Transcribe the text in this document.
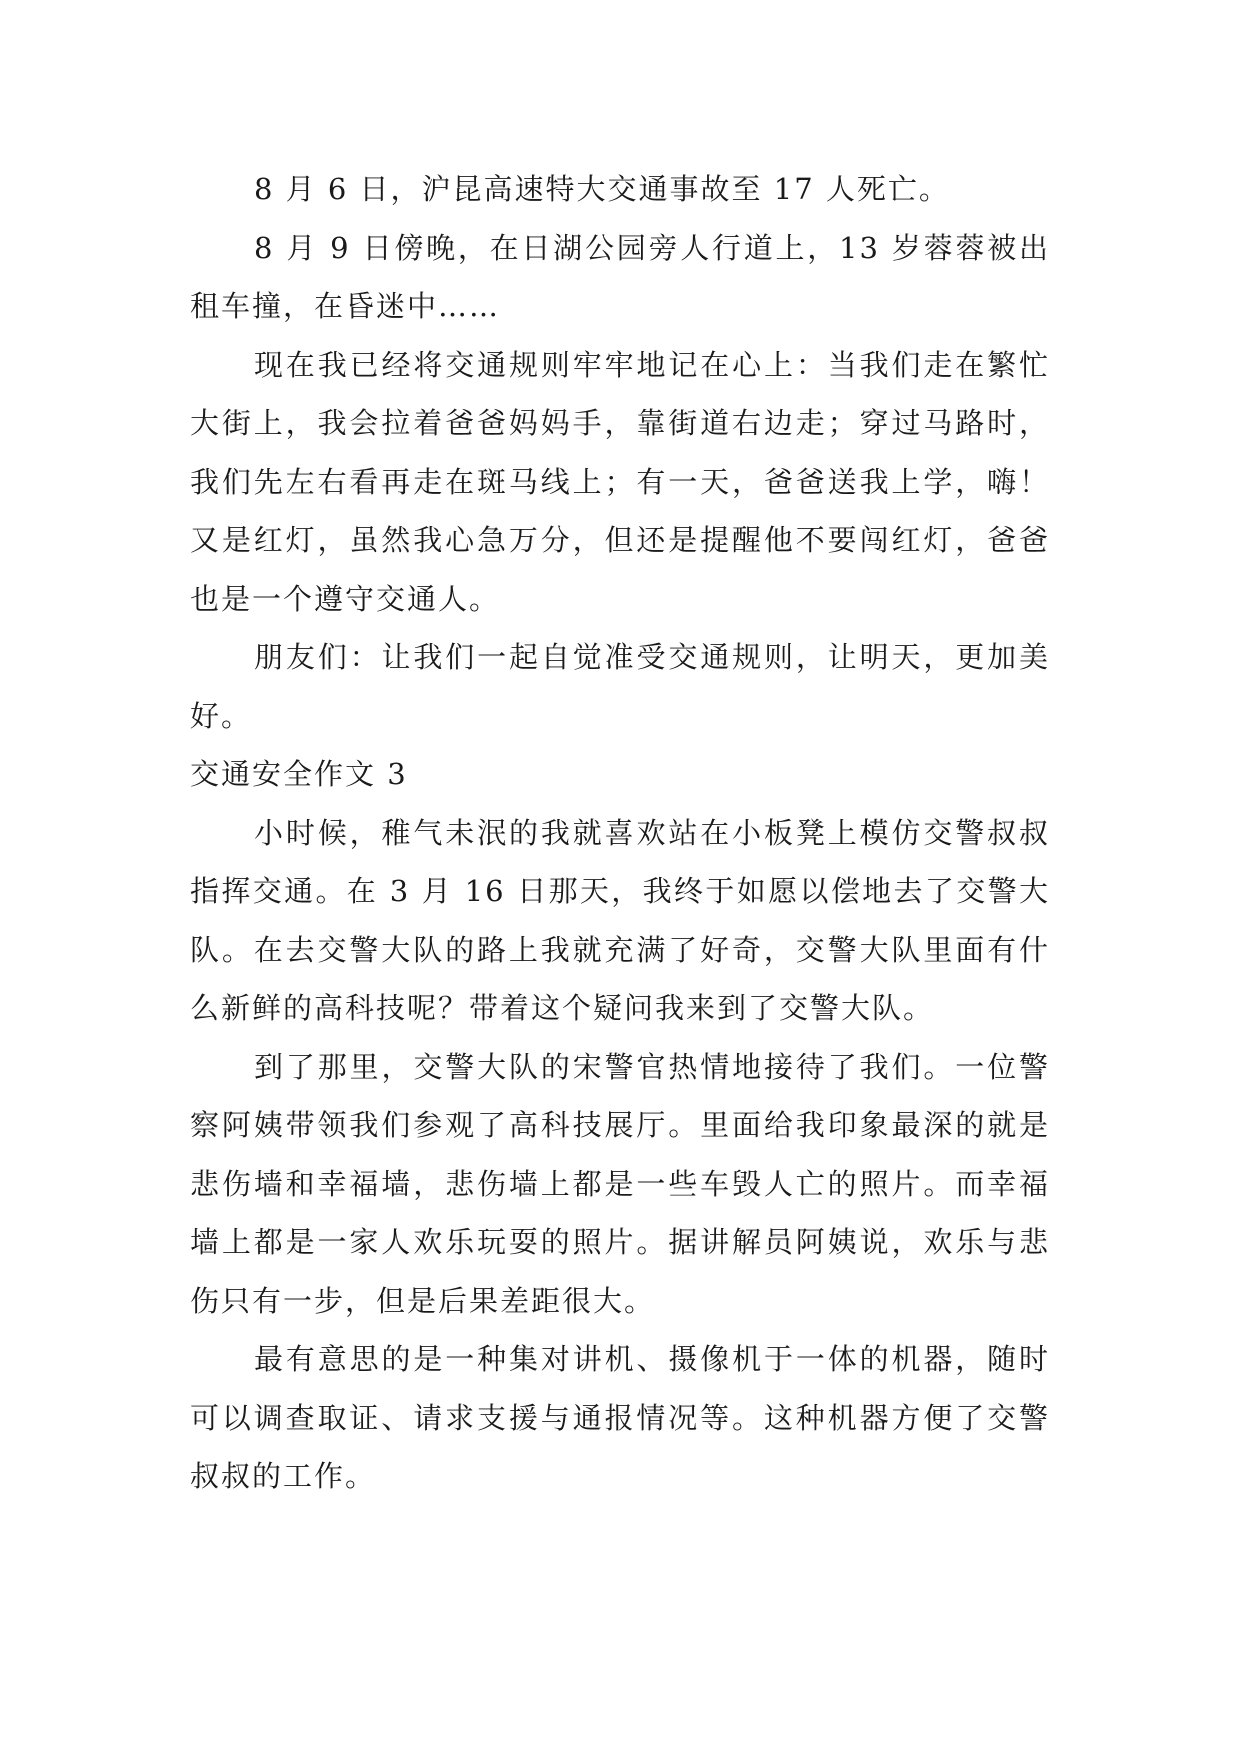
8 月 6 日，沪昆高速特大交通事故至 17 人死亡。

8 月 9 日傍晚，在日湖公园旁人行道上，13 岁蓉蓉被出租车撞，在昏迷中……

现在我已经将交通规则牢牢地记在心上：当我们走在繁忙大街上，我会拉着爸爸妈妈手，靠街道右边走；穿过马路时，我们先左右看再走在斑马线上；有一天，爸爸送我上学，嗨！又是红灯，虽然我心急万分，但还是提醒他不要闯红灯，爸爸也是一个遵守交通人。

朋友们：让我们一起自觉准受交通规则，让明天，更加美好。

交通安全作文 3

小时候，稚气未泯的我就喜欢站在小板凳上模仿交警叔叔指挥交通。在 3 月 16 日那天，我终于如愿以偿地去了交警大队。在去交警大队的路上我就充满了好奇，交警大队里面有什么新鲜的高科技呢？带着这个疑问我来到了交警大队。

到了那里，交警大队的宋警官热情地接待了我们。一位警察阿姨带领我们参观了高科技展厅。里面给我印象最深的就是悲伤墙和幸福墙，悲伤墙上都是一些车毁人亡的照片。而幸福墙上都是一家人欢乐玩耍的照片。据讲解员阿姨说，欢乐与悲伤只有一步，但是后果差距很大。

最有意思的是一种集对讲机、摄像机于一体的机器，随时可以调查取证、请求支援与通报情况等。这种机器方便了交警叔叔的工作。
